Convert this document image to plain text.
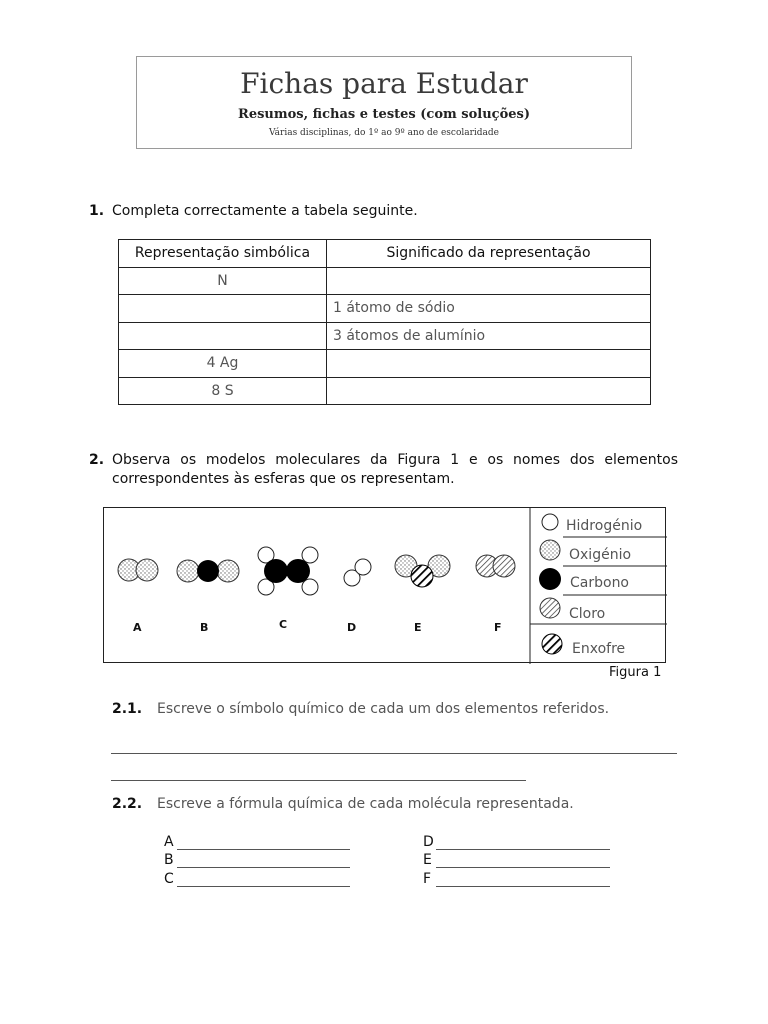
Fichas para Estudar
Resumos, fichas e testes (com soluções)
Várias disciplinas, do 1º ao 9º ano de escolaridade
1. Completa correctamente a tabela seguinte.
Representação simbólica	Significado da representação
N	
	1 átomo de sódio
	3 átomos de alumínio
4 Ag	
8 S	
2. Observa os modelos moleculares da Figura 1 e os nomes dos elementos
correspondentes às esferas que os representam.
A	B	C	D	E	F
Hidrogénio
Oxigénio
Carbono
Cloro
Enxofre
Figura 1
2.1. Escreve o símbolo químico de cada um dos elementos referidos.
2.2. Escreve a fórmula química de cada molécula representada.
A
B
C
D
E
F
